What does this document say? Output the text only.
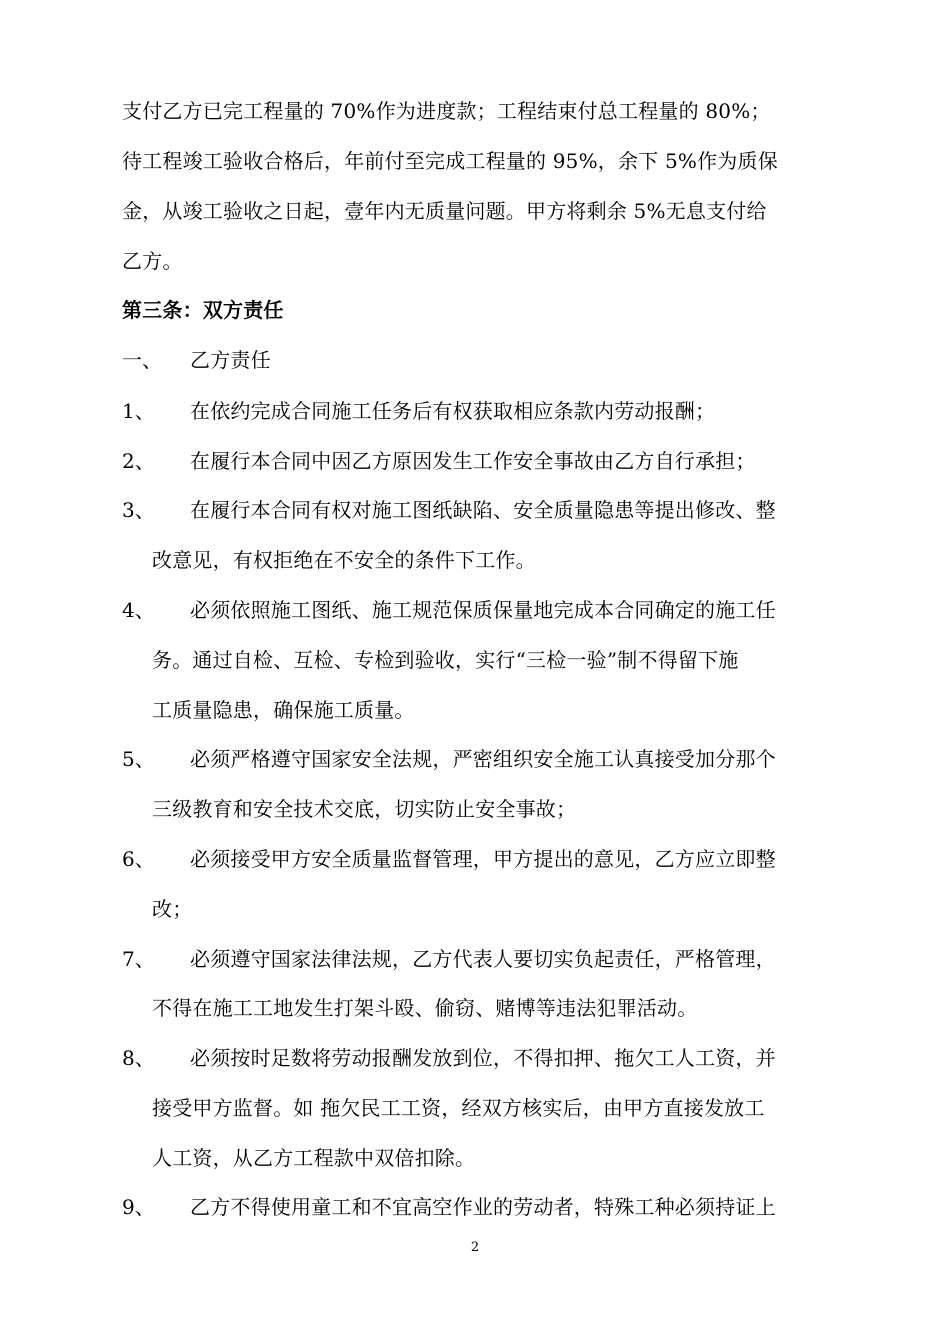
支付乙方已完工程量的 70%作为进度款；工程结束付总工程量的 80%；
待工程竣工验收合格后，年前付至完成工程量的 95%，余下 5%作为质保
金，从竣工验收之日起，壹年内无质量问题。甲方将剩余 5%无息支付给
乙方。
第三条：双方责任
一、 乙方责任
1、 在依约完成合同施工任务后有权获取相应条款内劳动报酬；
2、 在履行本合同中因乙方原因发生工作安全事故由乙方自行承担；
3、 在履行本合同有权对施工图纸缺陷、安全质量隐患等提出修改、整
改意见，有权拒绝在不安全的条件下工作。
4、 必须依照施工图纸、施工规范保质保量地完成本合同确定的施工任
务。通过自检、互检、专检到验收，实行“三检一验”制不得留下施
工质量隐患，确保施工质量。
5、 必须严格遵守国家安全法规，严密组织安全施工认真接受加分那个
三级教育和安全技术交底，切实防止安全事故；
6、 必须接受甲方安全质量监督管理，甲方提出的意见，乙方应立即整
改；
7、 必须遵守国家法律法规，乙方代表人要切实负起责任，严格管理，
不得在施工工地发生打架斗殴、偷窃、赌博等违法犯罪活动。
8、 必须按时足数将劳动报酬发放到位，不得扣押、拖欠工人工资，并
接受甲方监督。如 拖欠民工工资，经双方核实后，由甲方直接发放工
人工资，从乙方工程款中双倍扣除。
9、 乙方不得使用童工和不宜高空作业的劳动者，特殊工种必须持证上
2
